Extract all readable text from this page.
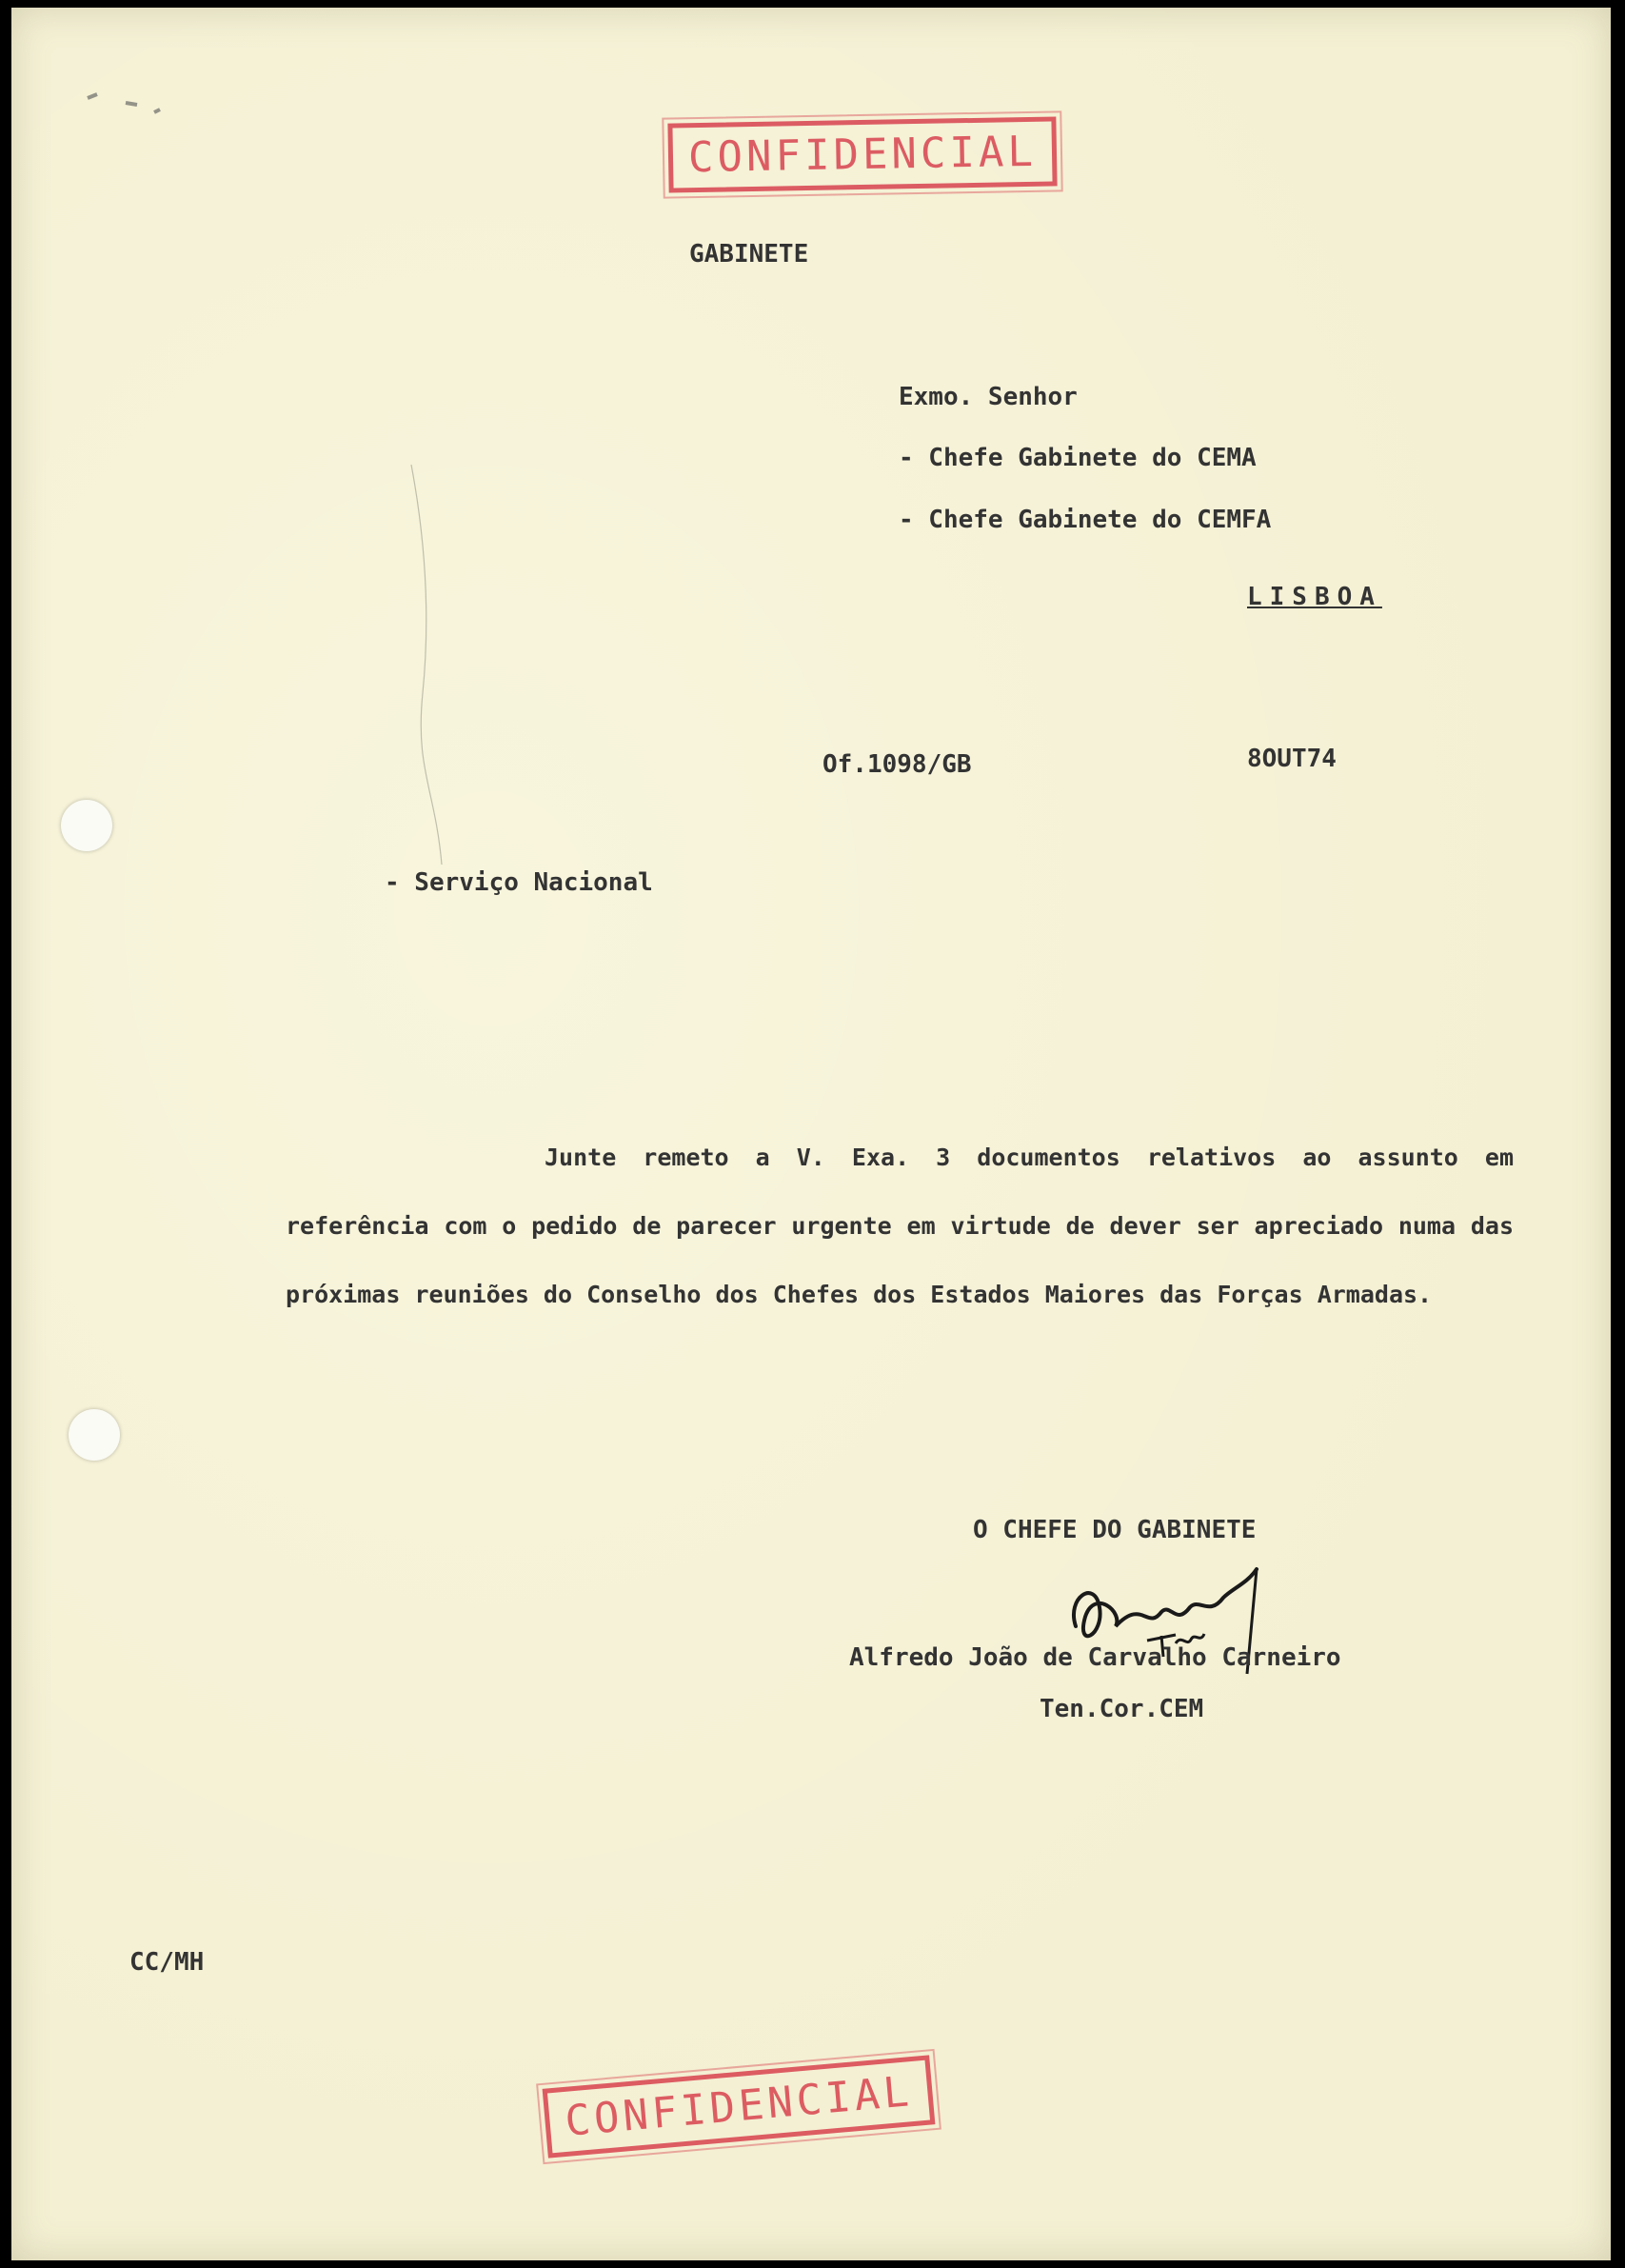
CONFIDENCIAL

GABINETE

Exmo. Senhor

- Chefe Gabinete do CEMA

- Chefe Gabinete do CEMFA

LISBOA

Of.1098/GB	8OUT74

- Serviço Nacional

Junte remeto a V. Exa. 3 documentos relativos ao assunto em referência com o pedido de parecer urgente em virtude de dever ser apreciado numa das próximas reuniões do Conselho dos Chefes dos Estados Maiores das Forças Armadas.

O CHEFE DO GABINETE

Alfredo João de Carvalho Carneiro

Ten.Cor.CEM

CC/MH

CONFIDENCIAL
